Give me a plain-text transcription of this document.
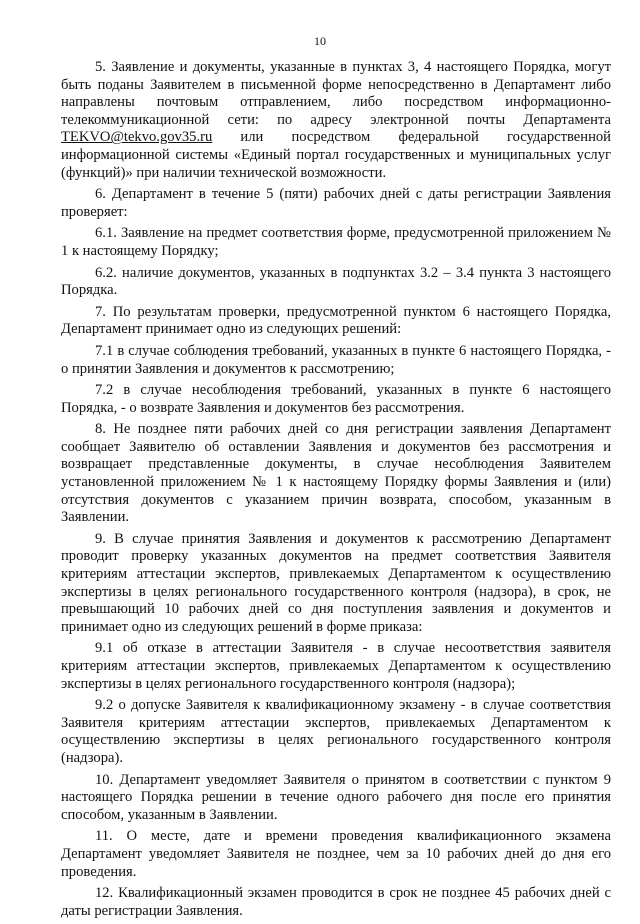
10

5. Заявление и документы, указанные в пунктах 3, 4 настоящего Порядка, могут быть поданы Заявителем в письменной форме непосредственно в Департамент либо направлены почтовым отправлением, либо посредством информационно-телекоммуникационной сети: по адресу электронной почты Департамента TEKVO@tekvo.gov35.ru или посредством федеральной государственной информационной системы «Единый портал государственных и муниципальных услуг (функций)» при наличии технической возможности.

6. Департамент в течение 5 (пяти) рабочих дней с даты регистрации Заявления проверяет:

6.1. Заявление на предмет соответствия форме, предусмотренной приложением № 1 к настоящему Порядку;

6.2. наличие документов, указанных в подпунктах 3.2 – 3.4 пункта 3 настоящего Порядка.

7. По результатам проверки, предусмотренной пунктом 6 настоящего Порядка, Департамент принимает одно из следующих решений:

7.1 в случае соблюдения требований, указанных в пункте 6 настоящего Порядка, - о принятии Заявления и документов к рассмотрению;

7.2 в случае несоблюдения требований, указанных в пункте 6 настоящего Порядка, - о возврате Заявления и документов без рассмотрения.

8. Не позднее пяти рабочих дней со дня регистрации заявления Департамент сообщает Заявителю об оставлении Заявления и документов без рассмотрения и возвращает представленные документы, в случае несоблюдения Заявителем установленной приложением № 1 к настоящему Порядку формы Заявления и (или) отсутствия документов с указанием причин возврата, способом, указанным в Заявлении.

9. В случае принятия Заявления и документов к рассмотрению Департамент проводит проверку указанных документов на предмет соответствия Заявителя критериям аттестации экспертов, привлекаемых Департаментом к осуществлению экспертизы в целях регионального государственного контроля (надзора), в срок, не превышающий 10 рабочих дней со дня поступления заявления и документов и принимает одно из следующих решений в форме приказа:

9.1 об отказе в аттестации Заявителя - в случае несоответствия заявителя критериям аттестации экспертов, привлекаемых Департаментом к осуществлению экспертизы в целях регионального государственного контроля (надзора);

9.2 о допуске Заявителя к квалификационному экзамену - в случае соответствия Заявителя критериям аттестации экспертов, привлекаемых Департаментом к осуществлению экспертизы в целях регионального государственного контроля (надзора).

10. Департамент уведомляет Заявителя о принятом в соответствии с пунктом 9 настоящего Порядка решении в течение одного рабочего дня после его принятия способом, указанным в Заявлении.

11. О месте, дате и времени проведения квалификационного экзамена Департамент уведомляет Заявителя не позднее, чем за 10 рабочих дней до дня его проведения.

12. Квалификационный экзамен проводится в срок не позднее 45 рабочих дней с даты регистрации Заявления.
